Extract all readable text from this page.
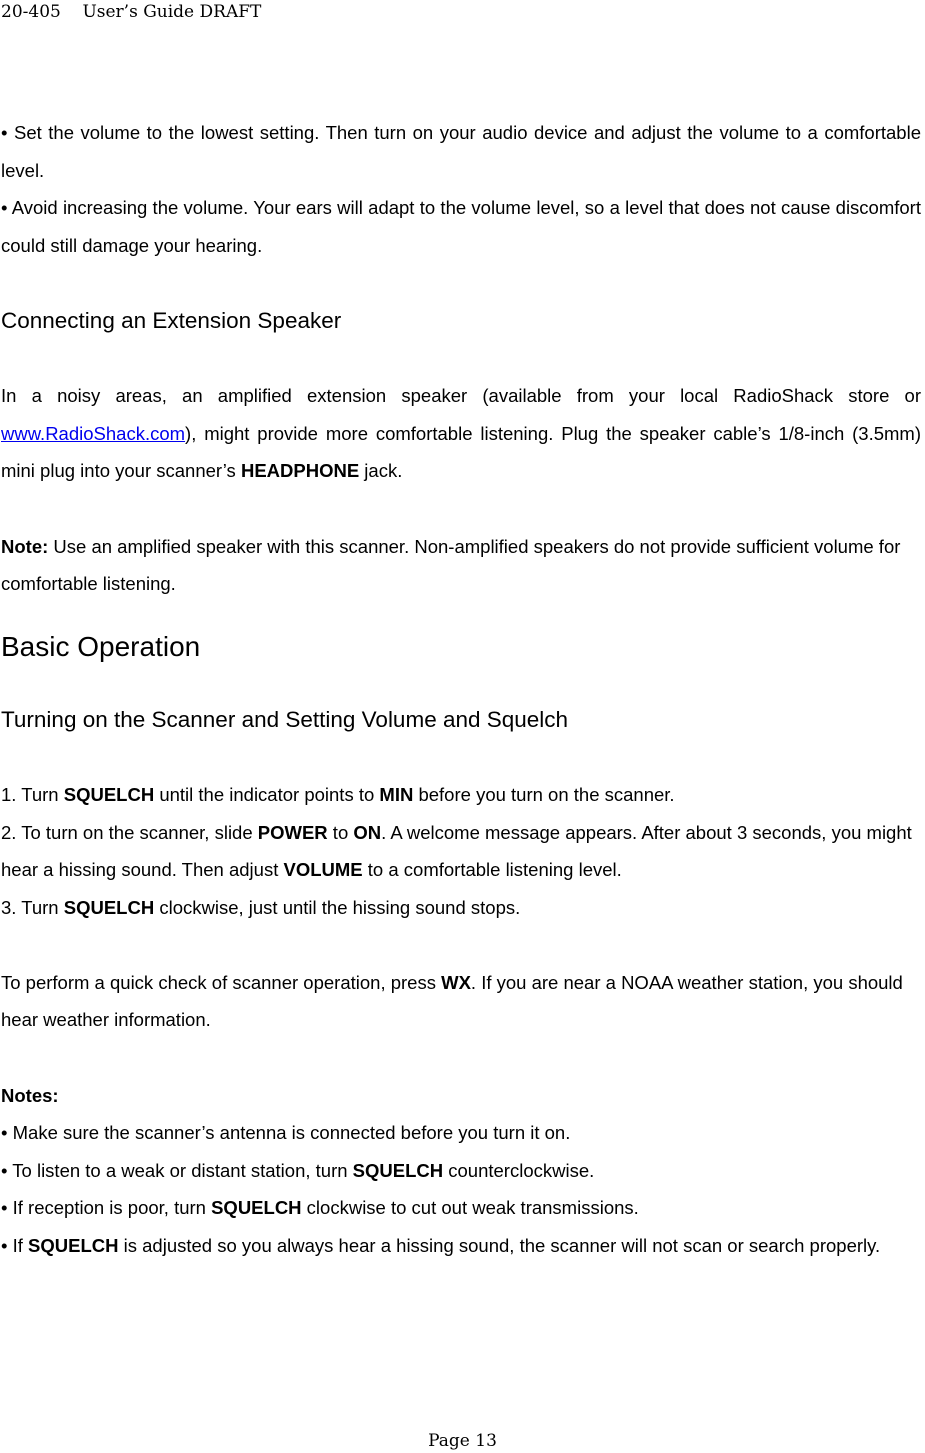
20-405    User’s Guide DRAFT

• Set the volume to the lowest setting. Then turn on your audio device and adjust the volume to a comfortable level.

• Avoid increasing the volume. Your ears will adapt to the volume level, so a level that does not cause discomfort could still damage your hearing.

Connecting an Extension Speaker

In a noisy areas, an amplified extension speaker (available from your local RadioShack store or www.RadioShack.com), might provide more comfortable listening. Plug the speaker cable’s 1/8-inch (3.5mm) mini plug into your scanner’s HEADPHONE jack.

Note: Use an amplified speaker with this scanner. Non-amplified speakers do not provide sufficient volume for comfortable listening.

Basic Operation

Turning on the Scanner and Setting Volume and Squelch

1. Turn SQUELCH until the indicator points to MIN before you turn on the scanner.

2. To turn on the scanner, slide POWER to ON. A welcome message appears. After about 3 seconds, you might hear a hissing sound. Then adjust VOLUME to a comfortable listening level.

3. Turn SQUELCH clockwise, just until the hissing sound stops.

To perform a quick check of scanner operation, press WX. If you are near a NOAA weather station, you should hear weather information.

Notes:

• Make sure the scanner’s antenna is connected before you turn it on.

• To listen to a weak or distant station, turn SQUELCH counterclockwise.

• If reception is poor, turn SQUELCH clockwise to cut out weak transmissions.

• If SQUELCH is adjusted so you always hear a hissing sound, the scanner will not scan or search properly.

Page 13
